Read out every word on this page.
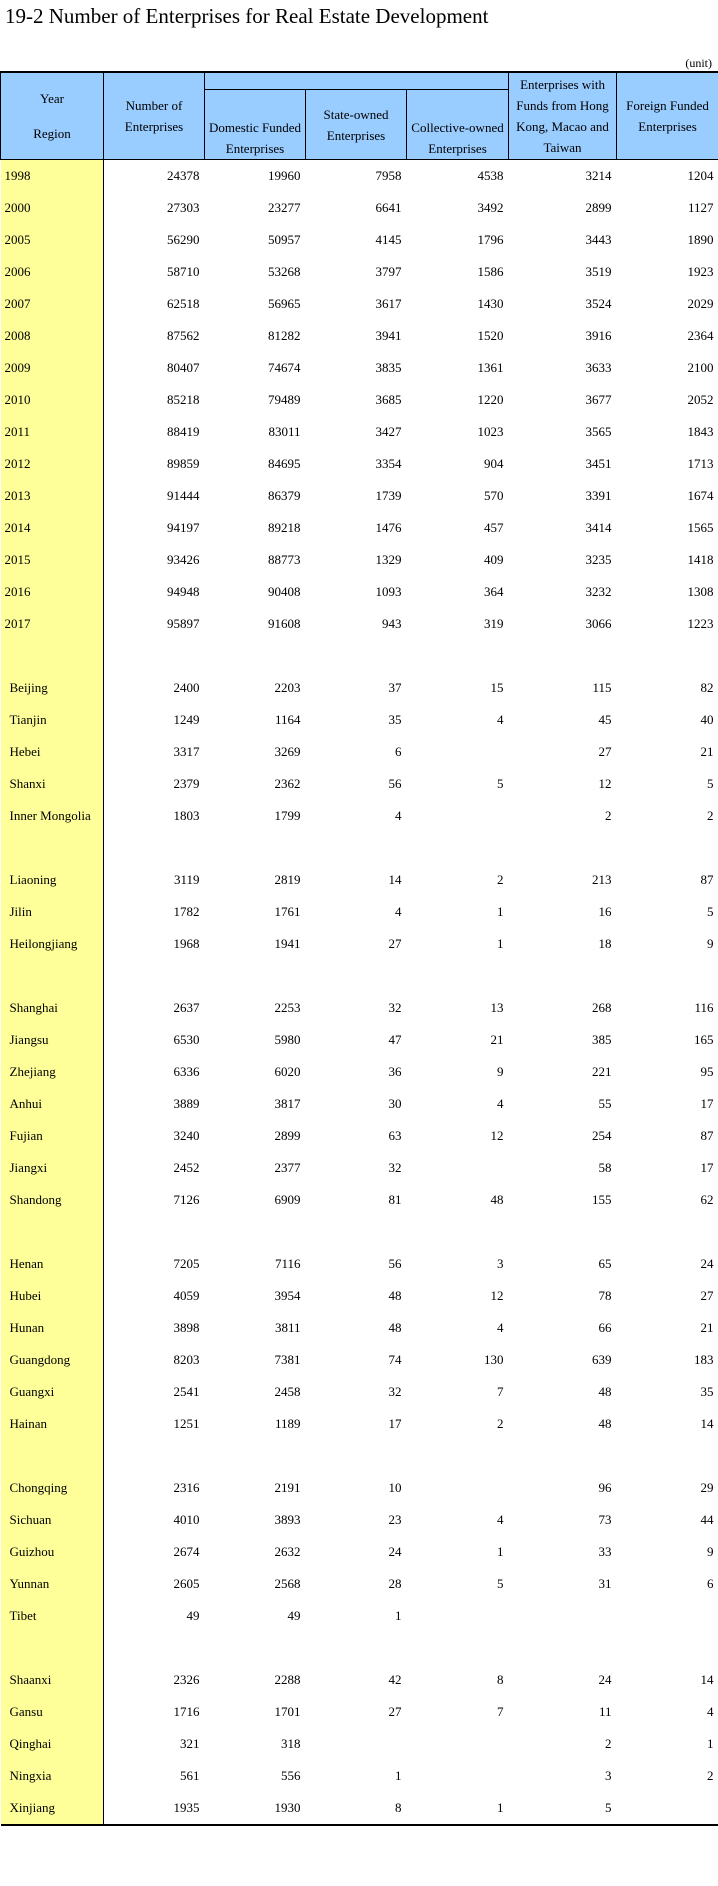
19-2 Number of Enterprises for Real Estate Development
(unit)
Year
Region	Number of Enterprises				Enterprises with Funds from Hong Kong, Macao and Taiwan	Foreign Funded Enterprises
		Domestic Funded Enterprises	State-owned Enterprises	Collective-owned Enterprises		
1998	24378	19960	7958	4538	3214	1204
2000	27303	23277	6641	3492	2899	1127
2005	56290	50957	4145	1796	3443	1890
2006	58710	53268	3797	1586	3519	1923
2007	62518	56965	3617	1430	3524	2029
2008	87562	81282	3941	1520	3916	2364
2009	80407	74674	3835	1361	3633	2100
2010	85218	79489	3685	1220	3677	2052
2011	88419	83011	3427	1023	3565	1843
2012	89859	84695	3354	904	3451	1713
2013	91444	86379	1739	570	3391	1674
2014	94197	89218	1476	457	3414	1565
2015	93426	88773	1329	409	3235	1418
2016	94948	90408	1093	364	3232	1308
2017	95897	91608	943	319	3066	1223

Beijing	2400	2203	37	15	115	82
Tianjin	1249	1164	35	4	45	40
Hebei	3317	3269	6		27	21
Shanxi	2379	2362	56	5	12	5
Inner Mongolia	1803	1799	4		2	2

Liaoning	3119	2819	14	2	213	87
Jilin	1782	1761	4	1	16	5
Heilongjiang	1968	1941	27	1	18	9

Shanghai	2637	2253	32	13	268	116
Jiangsu	6530	5980	47	21	385	165
Zhejiang	6336	6020	36	9	221	95
Anhui	3889	3817	30	4	55	17
Fujian	3240	2899	63	12	254	87
Jiangxi	2452	2377	32		58	17
Shandong	7126	6909	81	48	155	62

Henan	7205	7116	56	3	65	24
Hubei	4059	3954	48	12	78	27
Hunan	3898	3811	48	4	66	21
Guangdong	8203	7381	74	130	639	183
Guangxi	2541	2458	32	7	48	35
Hainan	1251	1189	17	2	48	14

Chongqing	2316	2191	10		96	29
Sichuan	4010	3893	23	4	73	44
Guizhou	2674	2632	24	1	33	9
Yunnan	2605	2568	28	5	31	6
Tibet	49	49	1			

Shaanxi	2326	2288	42	8	24	14
Gansu	1716	1701	27	7	11	4
Qinghai	321	318			2	1
Ningxia	561	556	1		3	2
Xinjiang	1935	1930	8	1	5	
